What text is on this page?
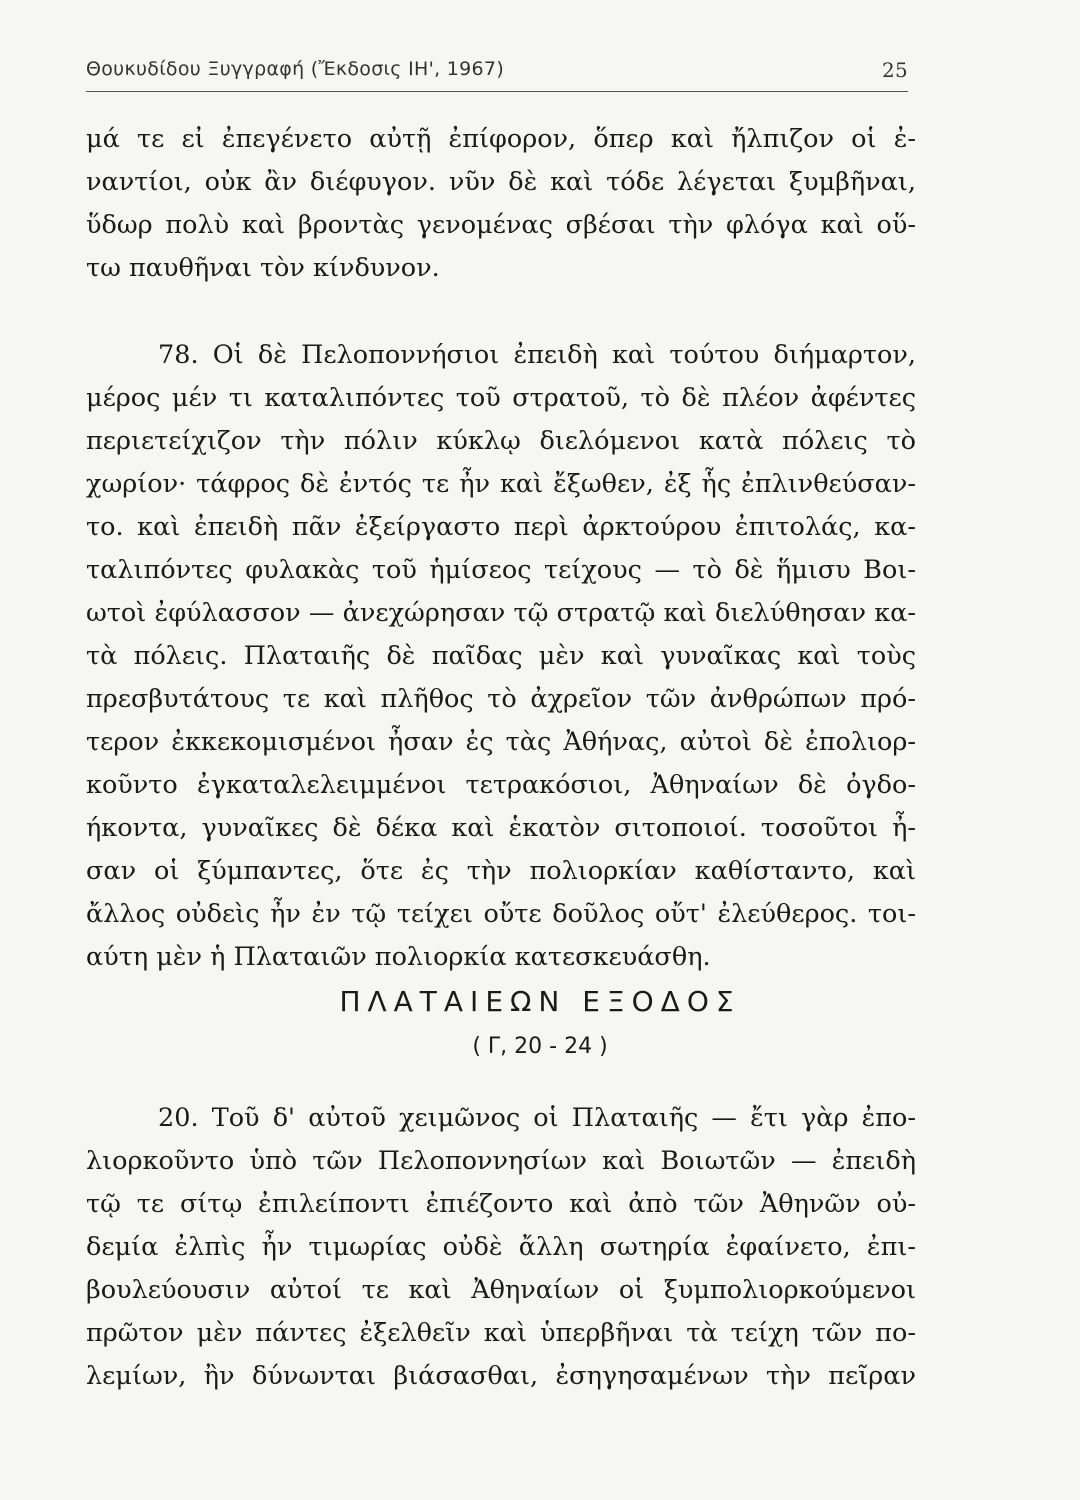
Θουκυδίδου Ξυγγραφή (Ἔκδοσις ΙΗ', 1967)	25
μά τε εἰ ἐπεγένετο αὐτῇ ἐπίφορον, ὅπερ καὶ ἤλπιζον οἱ ἐ-
ναντίοι, οὐκ ἂν διέφυγον. νῦν δὲ καὶ τόδε λέγεται ξυμβῆναι,
ὕδωρ πολὺ καὶ βροντὰς γενομένας σβέσαι τὴν φλόγα καὶ οὕ-
τω παυθῆναι τὸν κίνδυνον.
78. Οἱ δὲ Πελοποννήσιοι ἐπειδὴ καὶ τούτου διήμαρτον,
μέρος μέν τι καταλιπόντες τοῦ στρατοῦ, τὸ δὲ πλέον ἀφέντες
περιετείχιζον τὴν πόλιν κύκλῳ διελόμενοι κατὰ πόλεις τὸ
χωρίον· τάφρος δὲ ἐντός τε ἦν καὶ ἔξωθεν, ἐξ ἧς ἐπλινθεύσαν-
το. καὶ ἐπειδὴ πᾶν ἐξείργαστο περὶ ἀρκτούρου ἐπιτολάς, κα-
ταλιπόντες φυλακὰς τοῦ ἡμίσεος τείχους — τὸ δὲ ἥμισυ Βοι-
ωτοὶ ἐφύλασσον — ἀνεχώρησαν τῷ στρατῷ καὶ διελύθησαν κα-
τὰ πόλεις. Πλαταιῆς δὲ παῖδας μὲν καὶ γυναῖκας καὶ τοὺς
πρεσβυτάτους τε καὶ πλῆθος τὸ ἀχρεῖον τῶν ἀνθρώπων πρό-
τερον ἐκκεκομισμένοι ἦσαν ἐς τὰς Ἀθήνας, αὐτοὶ δὲ ἐπολιορ-
κοῦντο ἐγκαταλελειμμένοι τετρακόσιοι, Ἀθηναίων δὲ ὀγδο-
ήκοντα, γυναῖκες δὲ δέκα καὶ ἑκατὸν σιτοποιοί. τοσοῦτοι ἦ-
σαν οἱ ξύμπαντες, ὅτε ἐς τὴν πολιορκίαν καθίσταντο, καὶ
ἄλλος οὐδεὶς ἦν ἐν τῷ τείχει οὔτε δοῦλος οὔτ' ἐλεύθερος. τοι-
αύτη μὲν ἡ Πλαταιῶν πολιορκία κατεσκευάσθη.
ΠΛΑΤΑΙΕΩΝ ΕΞΟΔΟΣ
( Γ, 20 - 24 )
20. Τοῦ δ' αὐτοῦ χειμῶνος οἱ Πλαταιῆς — ἔτι γὰρ ἐπο-
λιορκοῦντο ὑπὸ τῶν Πελοποννησίων καὶ Βοιωτῶν — ἐπειδὴ
τῷ τε σίτῳ ἐπιλείποντι ἐπιέζοντο καὶ ἀπὸ τῶν Ἀθηνῶν οὐ-
δεμία ἐλπὶς ἦν τιμωρίας οὐδὲ ἄλλη σωτηρία ἐφαίνετο, ἐπι-
βουλεύουσιν αὐτοί τε καὶ Ἀθηναίων οἱ ξυμπολιορκούμενοι
πρῶτον μὲν πάντες ἐξελθεῖν καὶ ὑπερβῆναι τὰ τείχη τῶν πο-
λεμίων, ἢν δύνωνται βιάσασθαι, ἐσηγησαμένων τὴν πεῖραν
